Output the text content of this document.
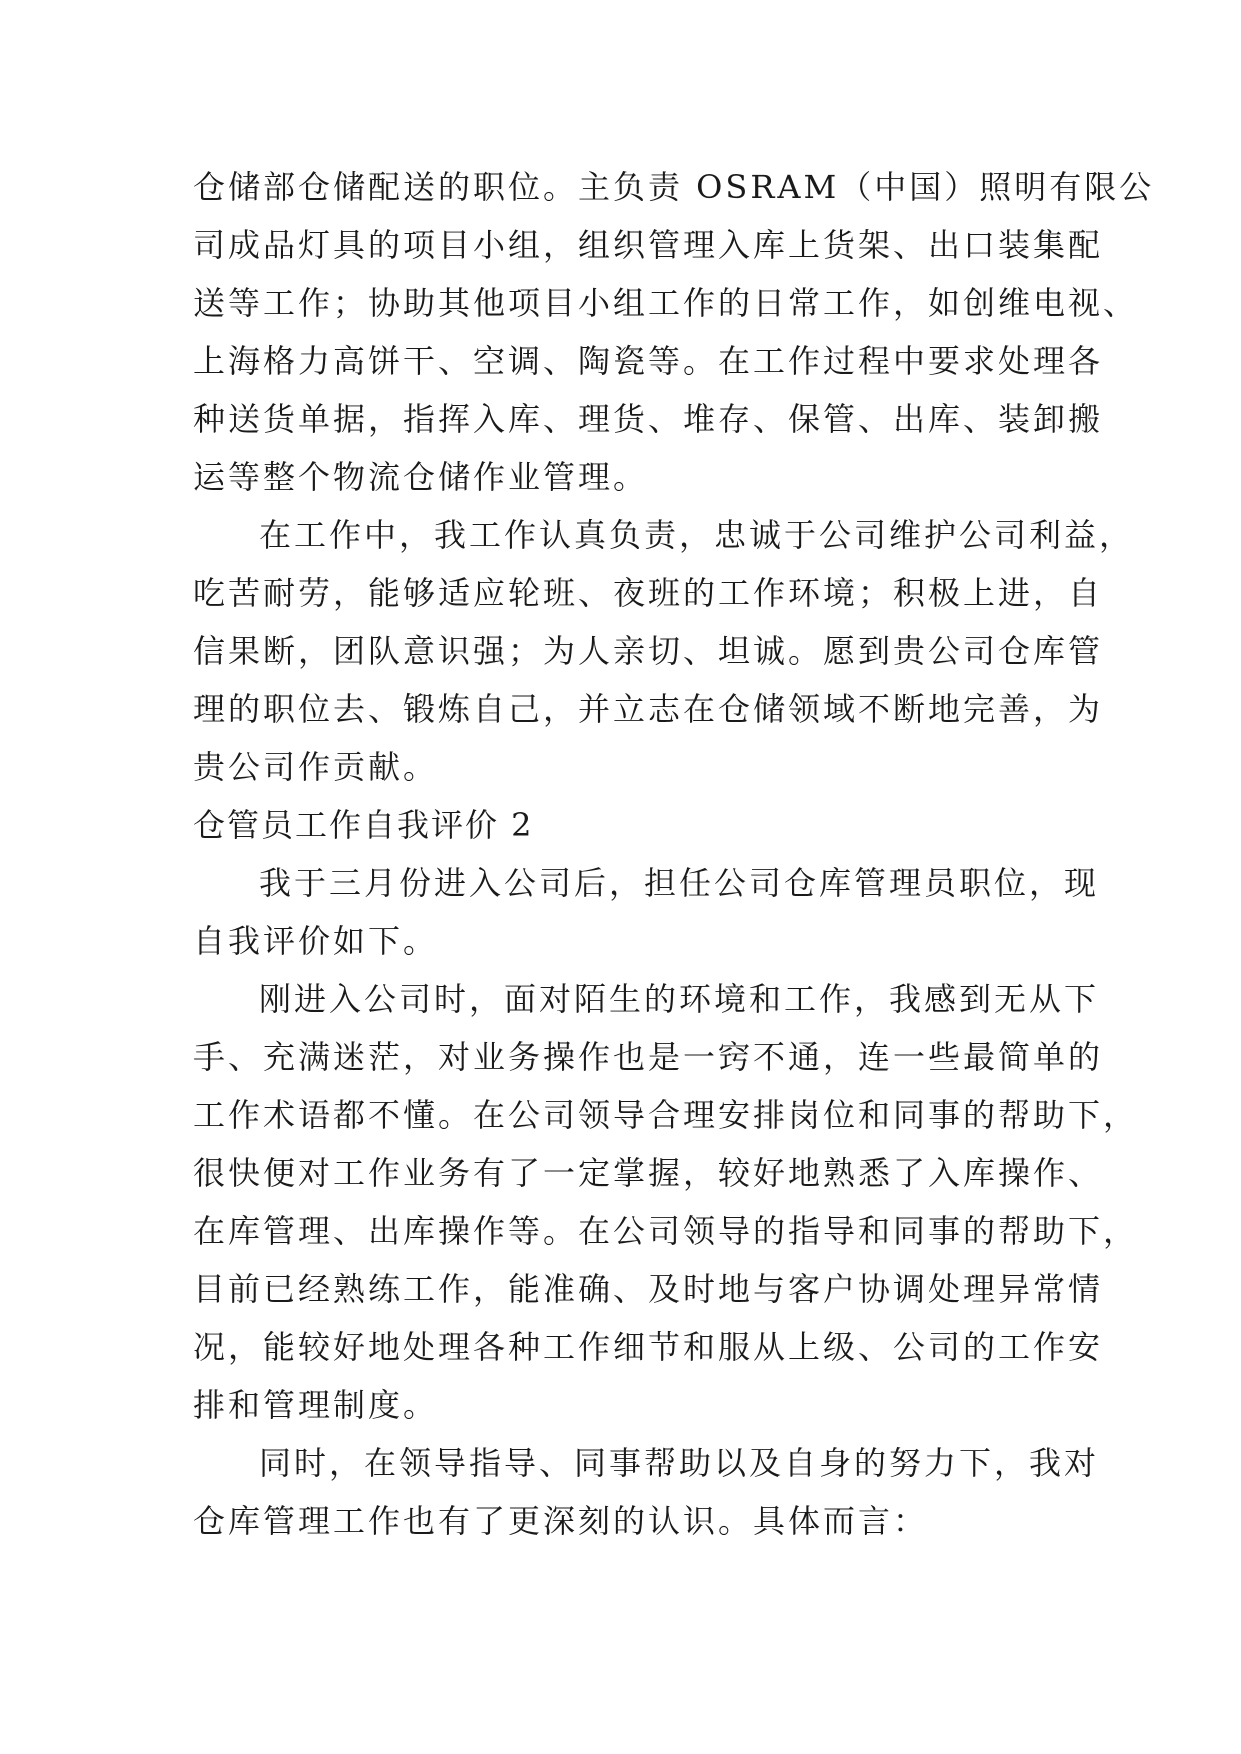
仓储部仓储配送的职位。主负责 OSRAM（中国）照明有限公
司成品灯具的项目小组，组织管理入库上货架、出口装集配
送等工作；协助其他项目小组工作的日常工作，如创维电视、
上海格力高饼干、空调、陶瓷等。在工作过程中要求处理各
种送货单据，指挥入库、理货、堆存、保管、出库、装卸搬
运等整个物流仓储作业管理。
在工作中，我工作认真负责，忠诚于公司维护公司利益，
吃苦耐劳，能够适应轮班、夜班的工作环境；积极上进，自
信果断，团队意识强；为人亲切、坦诚。愿到贵公司仓库管
理的职位去、锻炼自己，并立志在仓储领域不断地完善，为
贵公司作贡献。
仓管员工作自我评价 2
我于三月份进入公司后，担任公司仓库管理员职位，现
自我评价如下。
刚进入公司时，面对陌生的环境和工作，我感到无从下
手、充满迷茫，对业务操作也是一窍不通，连一些最简单的
工作术语都不懂。在公司领导合理安排岗位和同事的帮助下，
很快便对工作业务有了一定掌握，较好地熟悉了入库操作、
在库管理、出库操作等。在公司领导的指导和同事的帮助下，
目前已经熟练工作，能准确、及时地与客户协调处理异常情
况，能较好地处理各种工作细节和服从上级、公司的工作安
排和管理制度。
同时，在领导指导、同事帮助以及自身的努力下，我对
仓库管理工作也有了更深刻的认识。具体而言：
